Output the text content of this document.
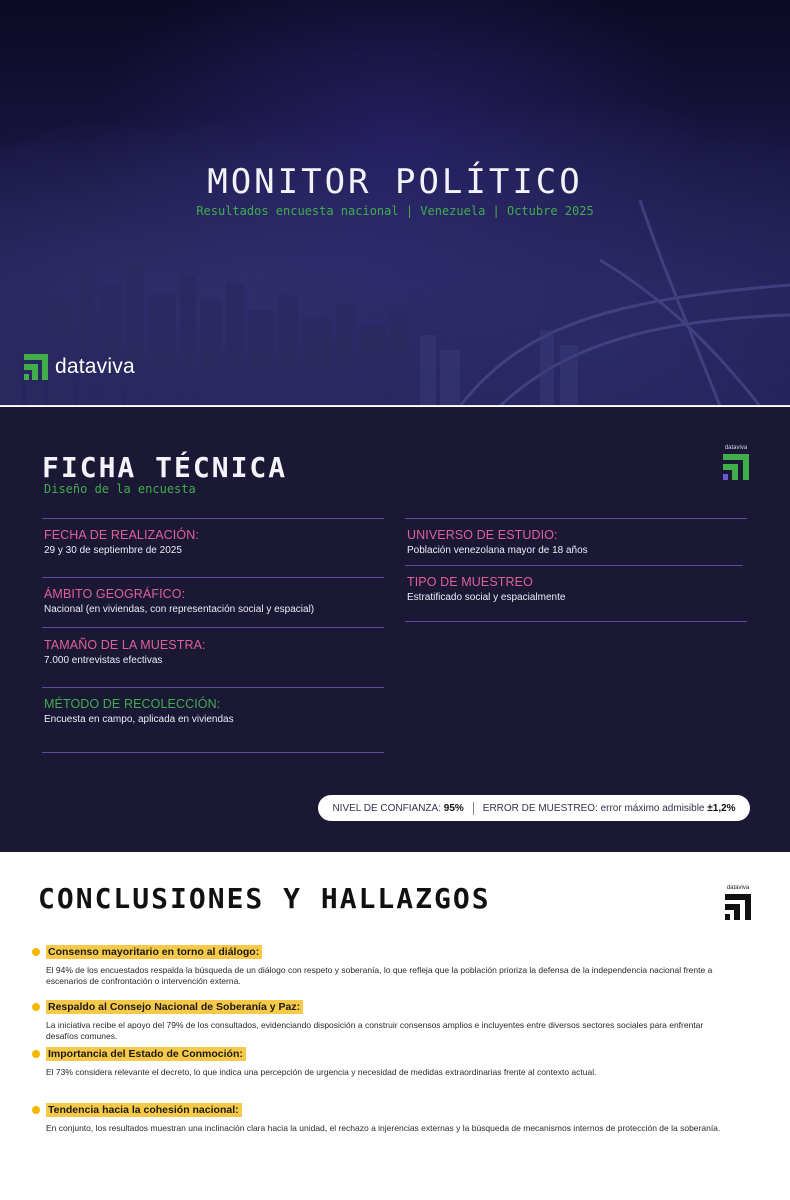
MONITOR POLÍTICO
Resultados encuesta nacional | Venezuela | Octubre 2025
dataviva
FICHA TÉCNICA
Diseño de la encuesta
dataviva
FECHA DE REALIZACIÓN:
29 y 30 de septiembre de 2025
ÁMBITO GEOGRÁFICO:
Nacional (en viviendas, con representación social y espacial)
TAMAÑO DE LA MUESTRA:
7.000 entrevistas efectivas
MÉTODO DE RECOLECCIÓN:
Encuesta en campo, aplicada en viviendas
UNIVERSO DE ESTUDIO:
Población venezolana mayor de 18 años
TIPO DE MUESTREO
Estratificado social y espacialmente
NIVEL DE CONFIANZA:
95% ERROR DE MUESTREO: error máximo admisible
±1,2%
CONCLUSIONES Y HALLAZGOS	dataviva
Consenso mayoritario en torno al diálogo:
El 94% de los encuestados respalda la búsqueda de un diálogo con respeto y soberanía, lo que refleja que la población prioriza la defensa de la independencia nacional frente a escenarios de confrontación o intervención externa.
Respaldo al Consejo Nacional de Soberanía y Paz:
La iniciativa recibe el apoyo del 79% de los consultados, evidenciando disposición a construir consensos amplios e incluyentes entre diversos sectores sociales para enfrentar desafíos comunes.
Importancia del Estado de Conmoción:
El 73% considera relevante el decreto, lo que indica una percepción de urgencia y necesidad de medidas extraordinarias frente al contexto actual.
Tendencia hacia la cohesión nacional:
En conjunto, los resultados muestran una inclinación clara hacia la unidad, el rechazo a injerencias externas y la búsqueda de mecanismos internos de protección de la soberanía.
